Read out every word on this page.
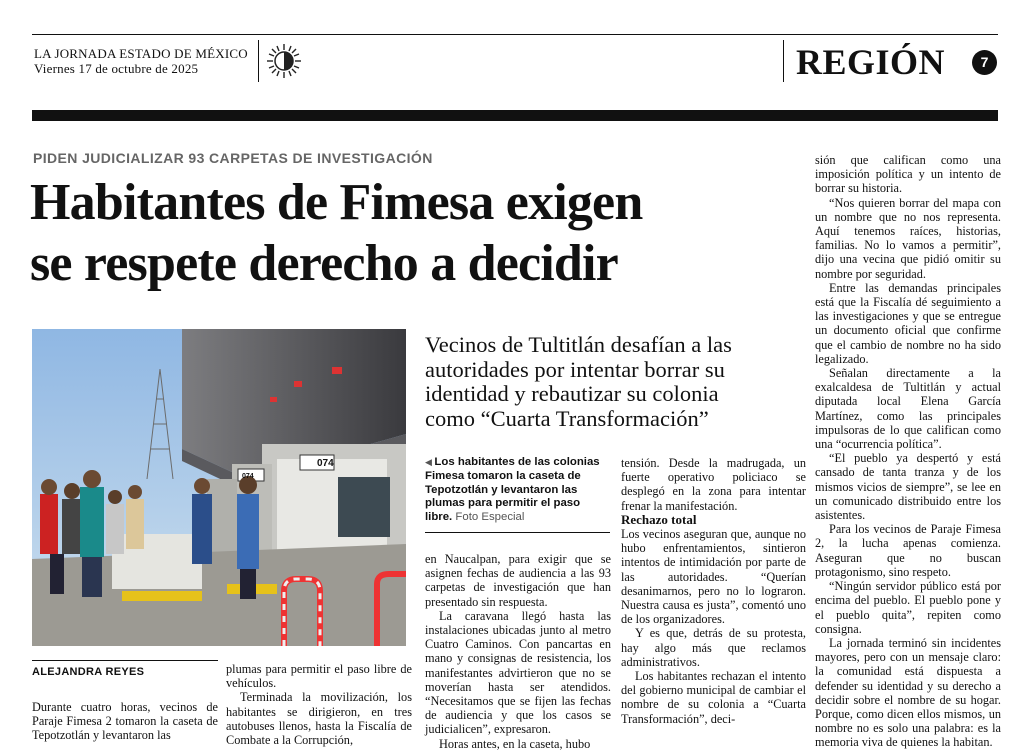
LA JORNADA ESTADO DE MÉXICO
Viernes 17 de octubre de 2025	REGIÓN	7
PIDEN JUDICIALIZAR 93 CARPETAS DE INVESTIGACIÓN
Habitantes de Fimesa exigen
se respete derecho a decidir
074
074
ALEJANDRA REYES

Durante cuatro horas, vecinos de Paraje Fimesa 2 tomaron la caseta de Tepotzotlán y levantaron las

plumas para permitir el paso libre de vehículos.

Terminada la movilización, los habitantes se dirigieron, en tres autobuses llenos, hasta la Fiscalía de Combate a la Corrupción,

Vecinos de Tultitlán desafían a las autoridades por intentar borrar su identidad y rebautizar su colonia como “Cuarta Transformación”
◀ Los habitantes de las colonias Fimesa tomaron la caseta de Tepotzotlán y levantaron las plumas para permitir el paso libre. Foto Especial

en Naucalpan, para exigir que se asignen fechas de audiencia a las 93 carpetas de investigación que han presentado sin respuesta.

La caravana llegó hasta las instalaciones ubicadas junto al metro Cuatro Caminos. Con pancartas en mano y consignas de resistencia, los manifestantes advirtieron que no se moverían hasta ser atendidos. “Necesitamos que se fijen las fechas de audiencia y que los casos se judicialicen”, expresaron.

Horas antes, en la caseta, hubo

tensión. Desde la madrugada, un fuerte operativo policiaco se desplegó en la zona para intentar frenar la manifestación.

Rechazo total

Los vecinos aseguran que, aunque no hubo enfrentamientos, sintieron intentos de intimidación por parte de las autoridades. “Querían desanimarnos, pero no lo lograron. Nuestra causa es justa”, comentó uno de los organizadores.

Y es que, detrás de su protesta, hay algo más que reclamos administrativos.

Los habitantes rechazan el intento del gobierno municipal de cambiar el nombre de su colonia a “Cuarta Transformación”, deci-

sión que califican como una imposición política y un intento de borrar su historia.

“Nos quieren borrar del mapa con un nombre que no nos representa. Aquí tenemos raíces, historias, familias. No lo vamos a permitir”, dijo una vecina que pidió omitir su nombre por seguridad.

Entre las demandas principales está que la Fiscalía dé seguimiento a las investigaciones y que se entregue un documento oficial que confirme que el cambio de nombre no ha sido legalizado.

Señalan directamente a la exalcaldesa de Tultitlán y actual diputada local Elena García Martínez, como las principales impulsoras de lo que califican como una “ocurrencia política”.

“El pueblo ya despertó y está cansado de tanta tranza y de los mismos vicios de siempre”, se lee en un comunicado distribuido entre los asistentes.

Para los vecinos de Paraje Fimesa 2, la lucha apenas comienza. Aseguran que no buscan protagonismo, sino respeto.

“Ningún servidor público está por encima del pueblo. El pueblo pone y el pueblo quita”, repiten como consigna.

La jornada terminó sin incidentes mayores, pero con un mensaje claro: la comunidad está dispuesta a defender su identidad y su derecho a decidir sobre el nombre de su hogar. Porque, como dicen ellos mismos, un nombre no es solo una palabra: es la memoria viva de quienes la habitan.
